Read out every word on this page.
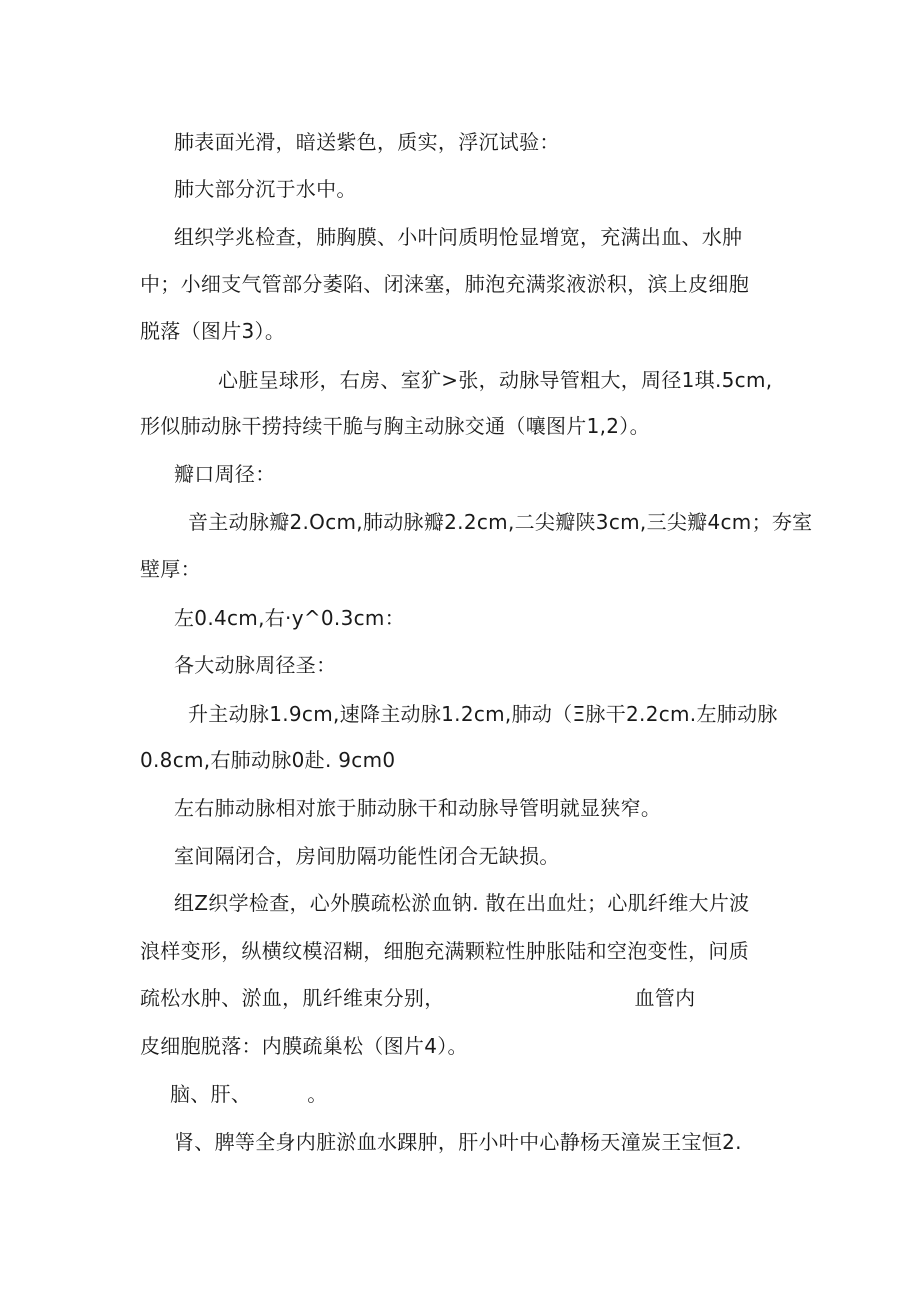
肺表面光滑，暗送紫色，质实，浮沉试验：
肺大部分沉于水中。
组织学兆检查，肺胸膜、小叶问质明怆显增宽，充满出血、水肿
中；小细支气管部分萎陷、闭涞塞，肺泡充满浆液淤积，滨上皮细胞
脱落（图片3）。
心脏呈球形，右房、室犷>张，动脉导管粗大，周径1琪.5cm,
形似肺动脉干捞持续干脆与胸主动脉交通（嚷图片1,2）。
瓣口周径：
音主动脉瓣2.Ocm,肺动脉瓣2.2cm,二尖瓣陕3cm,三尖瓣4cm；夯室
壁厚：
左0.4cm,右·y^0.3cm：
各大动脉周径圣：
升主动脉1.9cm,速降主动脉1.2cm,肺动（Ξ脉干2.2cm.左肺动脉
0.8cm,右肺动脉0赴. 9cm0
左右肺动脉相对旅于肺动脉干和动脉导管明就显狭窄。
室间隔闭合，房间肋隔功能性闭合无缺损。
组Z织学检查，心外膜疏松淤血钠. 散在出血灶；心肌纤维大片波
浪样变形，纵横纹模沼糊，细胞充满颗粒性肿胀陆和空泡变性，问质
疏松水肿、淤血，肌纤维束分别，	血管内
皮细胞脱落：内膜疏巢松（图片4）。
脑、肝、	。
肾、脾等全身内脏淤血水踝肿，肝小叶中心静杨天潼炭王宝恒2.
